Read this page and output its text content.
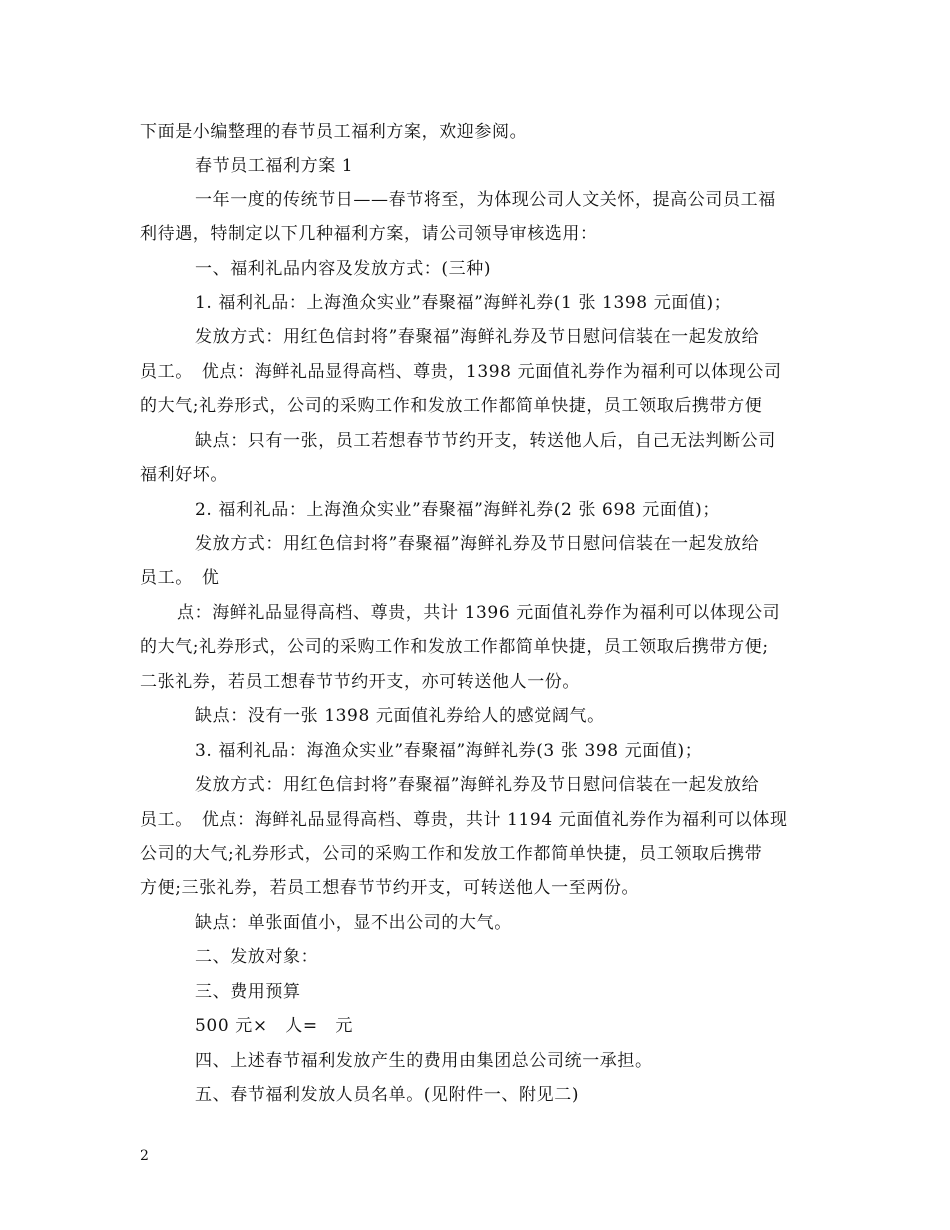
下面是小编整理的春节员工福利方案，欢迎参阅。
春节员工福利方案 1
一年一度的传统节日——春节将至，为体现公司人文关怀，提高公司员工福
利待遇，特制定以下几种福利方案，请公司领导审核选用：
一、福利礼品内容及发放方式：(三种)
1. 福利礼品：上海渔众实业”春聚福”海鲜礼券(1 张 1398 元面值)；
发放方式：用红色信封将”春聚福”海鲜礼券及节日慰问信装在一起发放给
员工。　优点：海鲜礼品显得高档、尊贵，1398 元面值礼券作为福利可以体现公司
的大气;礼券形式，公司的采购工作和发放工作都简单快捷，员工领取后携带方便
缺点：只有一张，员工若想春节节约开支，转送他人后，自己无法判断公司
福利好坏。
2. 福利礼品：上海渔众实业”春聚福”海鲜礼券(2 张 698 元面值)；
发放方式：用红色信封将”春聚福”海鲜礼券及节日慰问信装在一起发放给
员工。　优
点：海鲜礼品显得高档、尊贵，共计 1396 元面值礼券作为福利可以体现公司
的大气;礼券形式，公司的采购工作和发放工作都简单快捷，员工领取后携带方便;
二张礼券，若员工想春节节约开支，亦可转送他人一份。
缺点：没有一张 1398 元面值礼券给人的感觉阔气。
3. 福利礼品：海渔众实业”春聚福”海鲜礼券(3 张 398 元面值)；
发放方式：用红色信封将”春聚福”海鲜礼券及节日慰问信装在一起发放给
员工。　优点：海鲜礼品显得高档、尊贵，共计 1194 元面值礼券作为福利可以体现
公司的大气;礼券形式，公司的采购工作和发放工作都简单快捷，员工领取后携带
方便;三张礼券，若员工想春节节约开支，可转送他人一至两份。
缺点：单张面值小，显不出公司的大气。
二、发放对象：
三、费用预算
500 元×　人=　元
四、上述春节福利发放产生的费用由集团总公司统一承担。
五、春节福利发放人员名单。(见附件一、附见二)
2
